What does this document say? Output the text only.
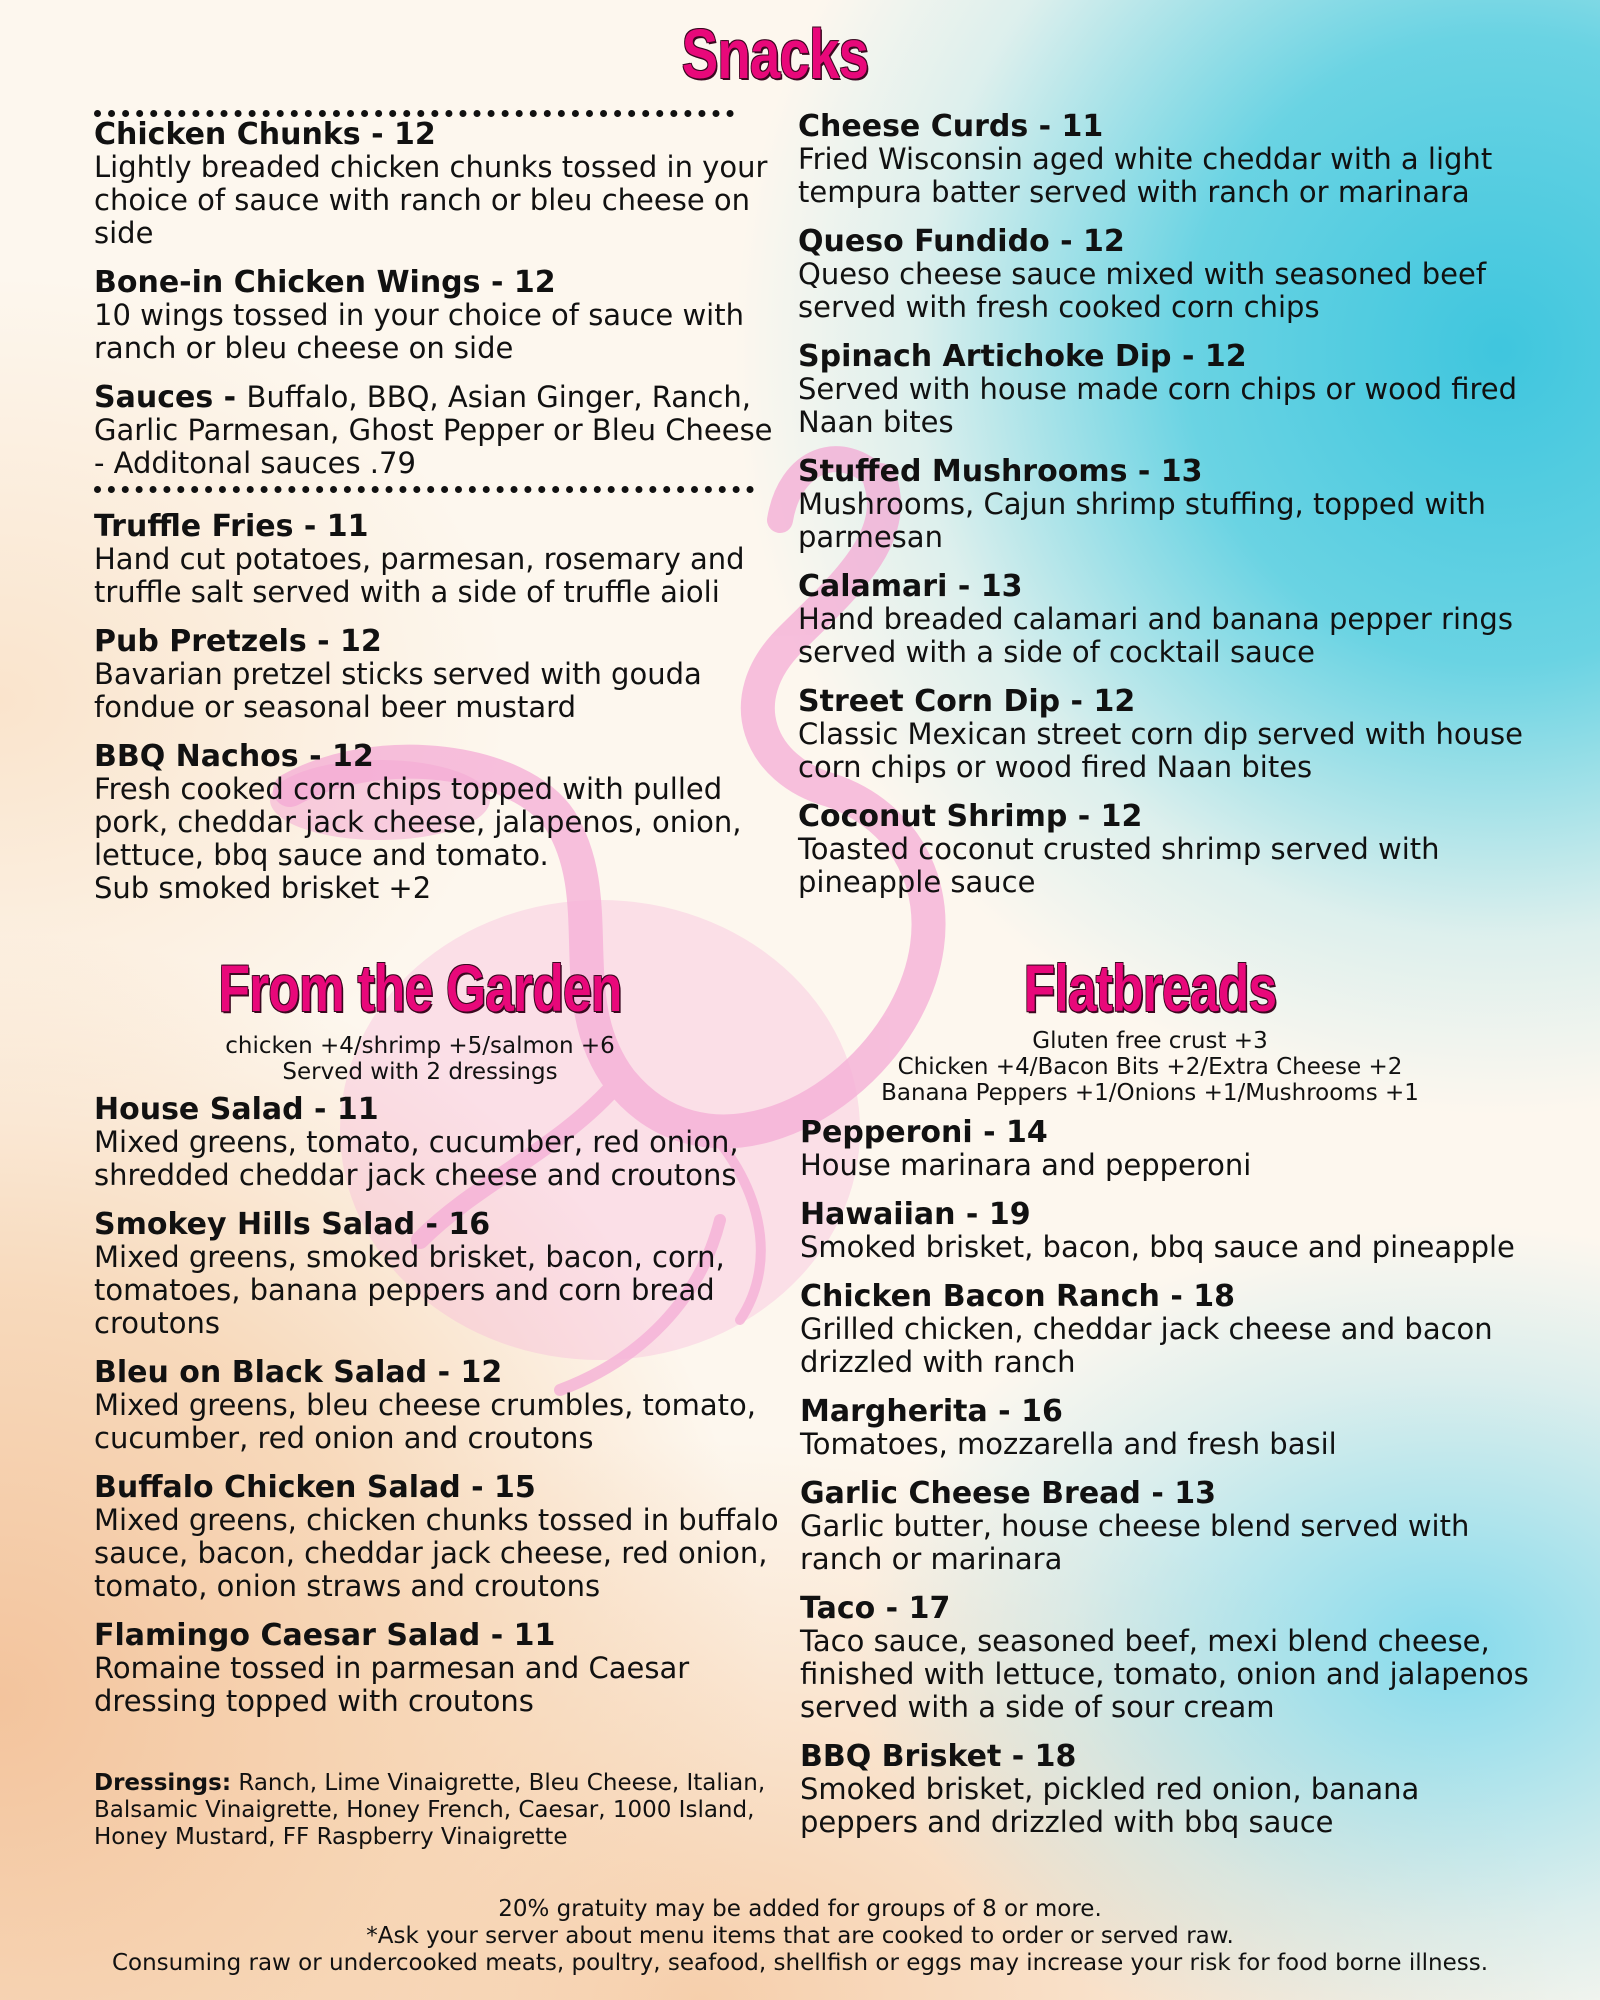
Snacks
Chicken Chunks - 12
Lightly breaded chicken chunks tossed in your choice of sauce with ranch or bleu cheese on side
Bone-in Chicken Wings - 12
10 wings tossed in your choice of sauce with ranch or bleu cheese on side
Sauces - Buffalo, BBQ, Asian Ginger, Ranch, Garlic Parmesan, Ghost Pepper or Bleu Cheese - Additonal sauces .79
Truffle Fries - 11
Hand cut potatoes, parmesan, rosemary and truffle salt served with a side of truffle aioli
Pub Pretzels - 12
Bavarian pretzel sticks served with gouda fondue or seasonal beer mustard
BBQ Nachos - 12
Fresh cooked corn chips topped with pulled pork, cheddar jack cheese, jalapenos, onion, lettuce, bbq sauce and tomato.
Sub smoked brisket +2
Cheese Curds - 11
Fried Wisconsin aged white cheddar with a light tempura batter served with ranch or marinara
Queso Fundido - 12
Queso cheese sauce mixed with seasoned beef served with fresh cooked corn chips
Spinach Artichoke Dip - 12
Served with house made corn chips or wood fired Naan bites
Stuffed Mushrooms - 13
Mushrooms, Cajun shrimp stuffing, topped with parmesan
Calamari - 13
Hand breaded calamari and banana pepper rings served with a side of cocktail sauce
Street Corn Dip - 12
Classic Mexican street corn dip served with house corn chips or wood fired Naan bites
Coconut Shrimp - 12
Toasted coconut crusted shrimp served with pineapple sauce
From the Garden
chicken +4/shrimp +5/salmon +6
Served with 2 dressings
House Salad - 11
Mixed greens, tomato, cucumber, red onion, shredded cheddar jack cheese and croutons
Smokey Hills Salad - 16
Mixed greens, smoked brisket, bacon, corn, tomatoes, banana peppers and corn bread croutons
Bleu on Black Salad - 12
Mixed greens, bleu cheese crumbles, tomato, cucumber, red onion and croutons
Buffalo Chicken Salad - 15
Mixed greens, chicken chunks tossed in buffalo sauce, bacon, cheddar jack cheese, red onion, tomato, onion straws and croutons
Flamingo Caesar Salad - 11
Romaine tossed in parmesan and Caesar dressing topped with croutons
Dressings: Ranch, Lime Vinaigrette, Bleu Cheese, Italian, Balsamic Vinaigrette, Honey French, Caesar, 1000 Island, Honey Mustard, FF Raspberry Vinaigrette
Flatbreads
Gluten free crust +3
Chicken +4/Bacon Bits +2/Extra Cheese +2
Banana Peppers +1/Onions +1/Mushrooms +1
Pepperoni - 14
House marinara and pepperoni
Hawaiian - 19
Smoked brisket, bacon, bbq sauce and pineapple
Chicken Bacon Ranch - 18
Grilled chicken, cheddar jack cheese and bacon drizzled with ranch
Margherita - 16
Tomatoes, mozzarella and fresh basil
Garlic Cheese Bread - 13
Garlic butter, house cheese blend served with ranch or marinara
Taco - 17
Taco sauce, seasoned beef, mexi blend cheese, finished with lettuce, tomato, onion and jalapenos served with a side of sour cream
BBQ Brisket - 18
Smoked brisket, pickled red onion, banana peppers and drizzled with bbq sauce
20% gratuity may be added for groups of 8 or more.
*Ask your server about menu items that are cooked to order or served raw.
Consuming raw or undercooked meats, poultry, seafood, shellfish or eggs may increase your risk for food borne illness.
